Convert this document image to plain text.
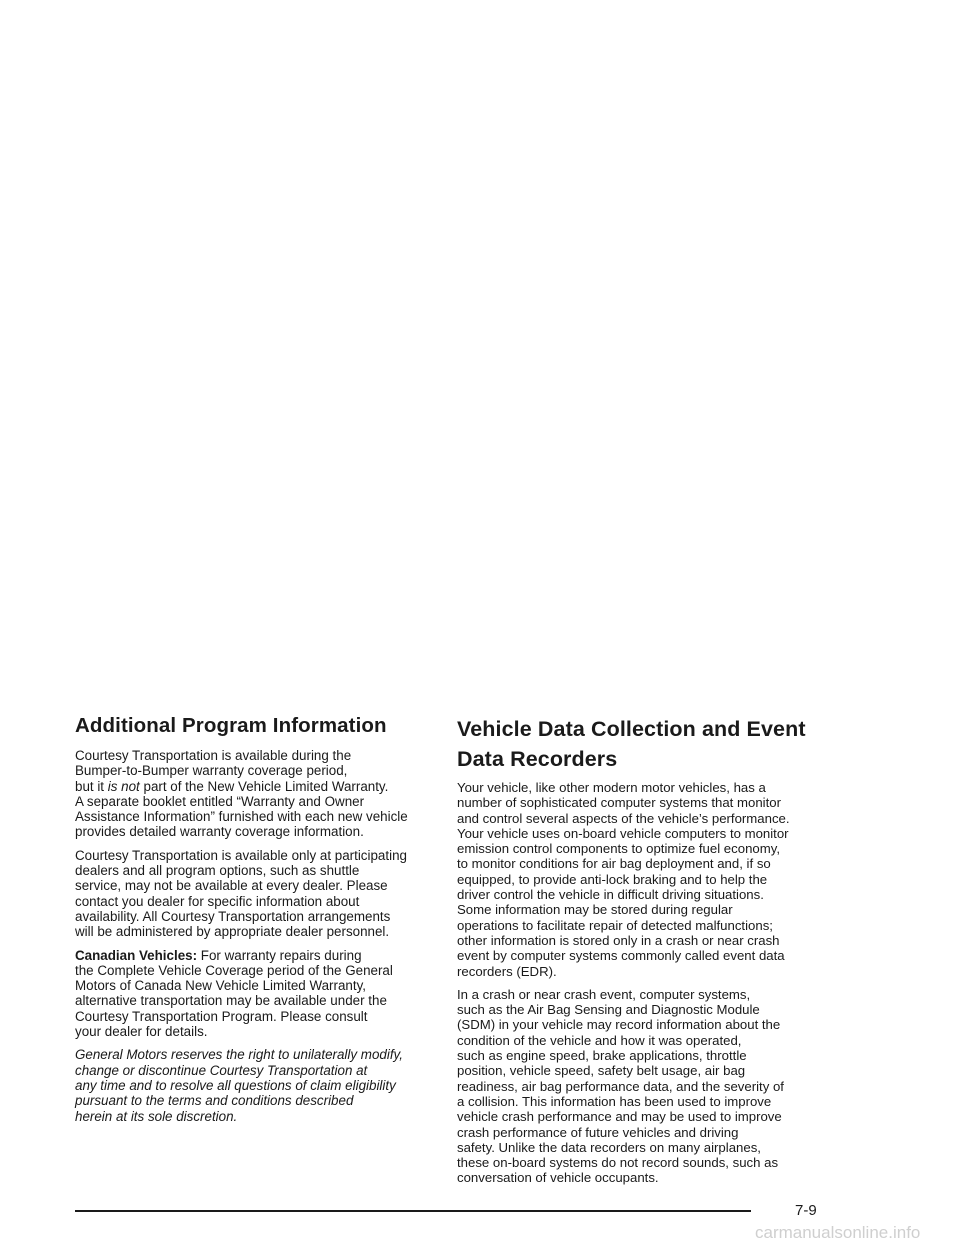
Additional Program Information

Courtesy Transportation is available during the
Bumper-to-Bumper warranty coverage period,
but it is not part of the New Vehicle Limited Warranty.
A separate booklet entitled “Warranty and Owner
Assistance Information” furnished with each new vehicle
provides detailed warranty coverage information.

Courtesy Transportation is available only at participating
dealers and all program options, such as shuttle
service, may not be available at every dealer. Please
contact you dealer for specific information about
availability. All Courtesy Transportation arrangements
will be administered by appropriate dealer personnel.

Canadian Vehicles: For warranty repairs during
the Complete Vehicle Coverage period of the General
Motors of Canada New Vehicle Limited Warranty,
alternative transportation may be available under the
Courtesy Transportation Program. Please consult
your dealer for details.

General Motors reserves the right to unilaterally modify,
change or discontinue Courtesy Transportation at
any time and to resolve all questions of claim eligibility
pursuant to the terms and conditions described
herein at its sole discretion.

Vehicle Data Collection and Event
Data Recorders

Your vehicle, like other modern motor vehicles, has a
number of sophisticated computer systems that monitor
and control several aspects of the vehicle’s performance.
Your vehicle uses on-board vehicle computers to monitor
emission control components to optimize fuel economy,
to monitor conditions for air bag deployment and, if so
equipped, to provide anti-lock braking and to help the
driver control the vehicle in difficult driving situations.
Some information may be stored during regular
operations to facilitate repair of detected malfunctions;
other information is stored only in a crash or near crash
event by computer systems commonly called event data
recorders (EDR).

In a crash or near crash event, computer systems,
such as the Air Bag Sensing and Diagnostic Module
(SDM) in your vehicle may record information about the
condition of the vehicle and how it was operated,
such as engine speed, brake applications, throttle
position, vehicle speed, safety belt usage, air bag
readiness, air bag performance data, and the severity of
a collision. This information has been used to improve
vehicle crash performance and may be used to improve
crash performance of future vehicles and driving
safety. Unlike the data recorders on many airplanes,
these on-board systems do not record sounds, such as
conversation of vehicle occupants.

7-9
carmanualsonline.info
